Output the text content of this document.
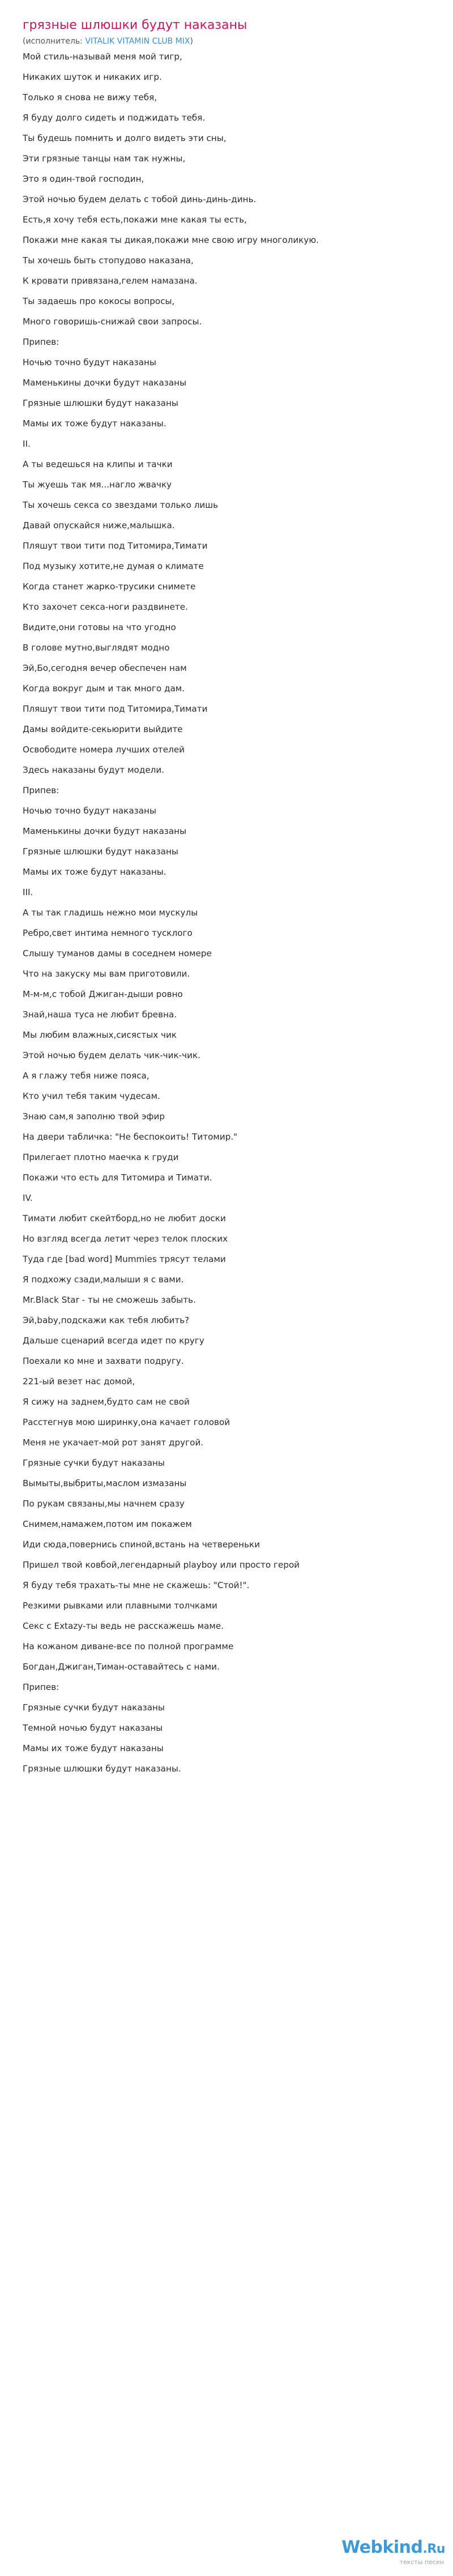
грязные шлюшки будут наказаны
(исполнитель: VITALIK VITAMIN CLUB MIX)

Мой стиль-называй меня мой тигр,

Никаких шуток и никаких игр.

Только я снова не вижу тебя,

Я буду долго сидеть и поджидать тебя.

Ты будешь помнить и долго видеть эти сны,

Эти грязные танцы нам так нужны,

Это я один-твой господин,

Этой ночью будем делать с тобой динь-динь-динь.

Есть,я хочу тебя есть,покажи мне какая ты есть,

Покажи мне какая ты дикая,покажи мне свою игру многоликую.

Ты хочешь быть стопудово наказана,

К кровати привязана,гелем намазана.

Ты задаешь про кокосы вопросы,

Много говоришь-снижай свои запросы.

Припев:

Ночью точно будут наказаны

Маменькины дочки будут наказаны

Грязные шлюшки будут наказаны

Мамы их тоже будут наказаны.

II.

А ты ведешься на клипы и тачки

Ты жуешь так мя...нагло жвачку

Ты хочешь секса со звездами только лишь

Давай опускайся ниже,малышка.

Пляшут твои тити под Титомира,Тимати

Под музыку хотите,не думая о климате

Когда станет жарко-трусики снимете

Кто захочет секса-ноги раздвинете.

Видите,они готовы на что угодно

В голове мутно,выглядят модно

Эй,Бо,сегодня вечер обеспечен нам

Когда вокруг дым и так много дам.

Пляшут твои тити под Титомира,Тимати

Дамы войдите-секьюрити выйдите

Освободите номера лучших отелей

Здесь наказаны будут модели.

Припев:

Ночью точно будут наказаны

Маменькины дочки будут наказаны

Грязные шлюшки будут наказаны

Мамы их тоже будут наказаны.

III.

А ты так гладишь нежно мои мускулы

Ребро,свет интима немного тусклого

Слышу туманов дамы в соседнем номере

Что на закуску мы вам приготовили.

М-м-м,с тобой Джиган-дыши ровно

Знай,наша туса не любит бревна.

Мы любим влажных,сисястых чик

Этой ночью будем делать чик-чик-чик.

А я глажу тебя ниже пояса,

Кто учил тебя таким чудесам.

Знаю сам,я заполню твой эфир

На двери табличка: "Не беспокоить! Титомир."

Прилегает плотно маечка к груди

Покажи что есть для Титомира и Тимати.

IV.

Тимати любит скейтборд,но не любит доски

Но взгляд всегда летит через телок плоских

Туда где [bad word] Mummies трясут телами

Я подхожу сзади,малыши я с вами.

Mr.Black Star - ты не сможешь забыть.

Эй,baby,подскажи как тебя любить?

Дальше сценарий всегда идет по кругу

Поехали ко мне и захвати подругу.

221-ый везет нас домой,

Я сижу на заднем,будто сам не свой

Расстегнув мою ширинку,она качает головой

Меня не укачает-мой рот занят другой.

Грязные сучки будут наказаны

Вымыты,выбриты,маслом измазаны

По рукам связаны,мы начнем сразу

Снимем,намажем,потом им покажем

Иди сюда,повернись спиной,встань на четвереньки

Пришел твой ковбой,легендарный playboy или просто герой

Я буду тебя трахать-ты мне не скажешь: "Стой!".

Резкими рывками или плавными толчками

Секс с Extazy-ты ведь не расскажешь маме.

На кожаном диване-все по полной программе

Богдан,Джиган,Тиман-оставайтесь с нами.

Припев:

Грязные сучки будут наказаны

Темной ночью будут наказаны

Мамы их тоже будут наказаны

Грязные шлюшки будут наказаны.

Webkind.Ru
тексты песен
